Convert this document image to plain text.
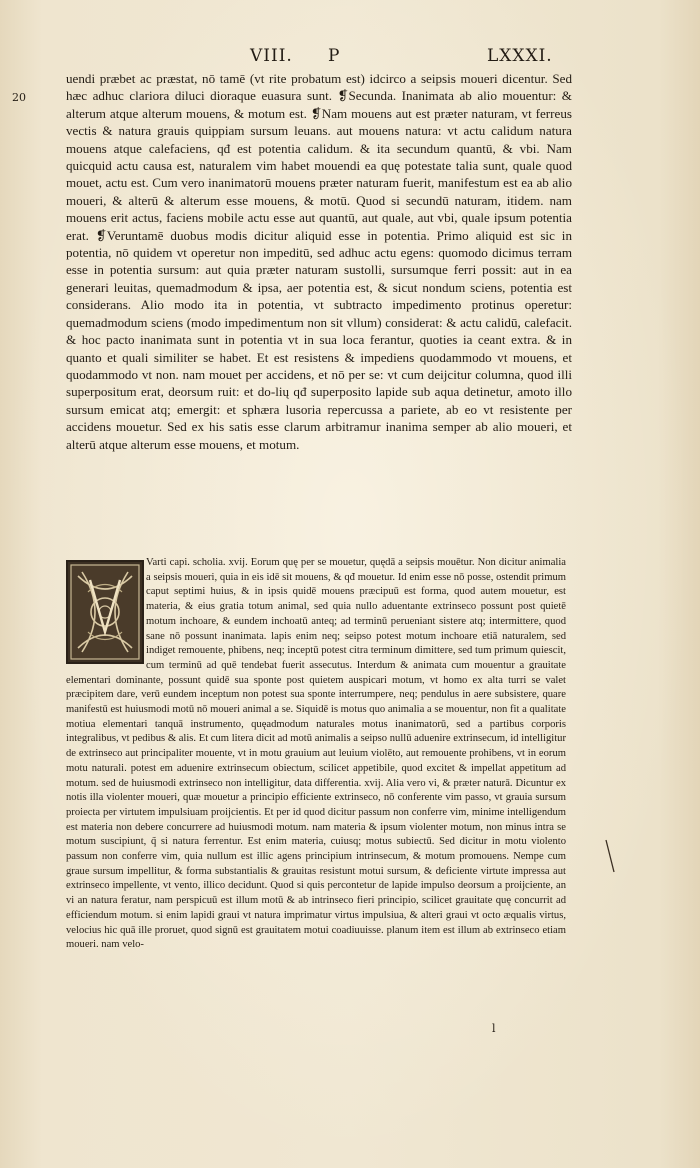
VIII. P	LXXXI.
20

uendi præbet ac præstat, nō tamē (vt rite probatum est) idcirco a seipsis moueri dicentur. Sed hæc adhuc clariora diluci dioraque euasura sunt. ❡Secunda. Inanimata ab alio mouentur: & alterum atque alterum mouens, & motum est. ❡Nam mouens aut est præter naturam, vt ferreus vectis & natura grauis quippiam sursum leuans. aut mouens natura: vt actu calidum natura mouens atque calefaciens, qđ est potentia calidum. & ita secundum quantū, & vbi. Nam quicquid actu causa est, naturalem vim habet mouendi ea quę potestate talia sunt, quale quod mouet, actu est. Cum vero inanimatorū mouens præter naturam fuerit, manifestum est ea ab alio moueri, & alterū & alterum esse mouens, & motū. Quod si secundū naturam, itidem. nam mouens erit actus, faciens mobile actu esse aut quantū, aut quale, aut vbi, quale ipsum potentia erat. ❡Veruntamē duobus modis dicitur aliquid esse in potentia. Primo aliquid est sic in potentia, nō quidem vt operetur non impeditū, sed adhuc actu egens: quomodo dicimus terram esse in potentia sursum: aut quia præter naturam sustolli, sursumque ferri possit: aut in ea generari leuitas, quemadmodum & ipsa, aer potentia est, & sicut nondum sciens, potentia est considerans. Alio modo ita in potentia, vt subtracto impedimento protinus operetur: quemadmodum sciens (modo impedimentum non sit vllum) considerat: & actu calidū, calefacit. & hoc pacto inanimata sunt in potentia vt in sua loca ferantur, quoties ia ceant extra. & in quanto et quali similiter se habet. Et est resistens & impediens quodammodo vt mouens, et quodammodo vt non. nam mouet per accidens, et nō per se: vt cum deijcitur columna, quod illi superpositum erat, deorsum ruit: et do-lių qđ superposito lapide sub aqua detinetur, amoto illo sursum emicat atq; emergit: et sphæra lusoria repercussa a pariete, ab eo vt resistente per accidens mouetur. Sed ex his satis esse clarum arbitramur inanima semper ab alio moueri, et alterū atque alterum esse mouens, et motum.

Varti capi. scholia. xvij. Eorum quę per se mouetur, quędā a seipsis mouētur. Non dicitur animalia a seipsis moueri, quia in eis idē sit mouens, & qđ mouetur. Id enim esse nō posse, ostendit primum caput septimi huius, & in ipsis quidē mouens præcipuū est forma, quod autem mouetur, est materia, & eius gratia totum animal, sed quia nullo aduentante extrinseco possunt post quietē motum inchoare, & eundem inchoatū anteq; ad terminū perueniant sistere atq; intermittere, quod sane nō possunt inanimata. lapis enim neq; seipso potest motum inchoare etiā naturalem, sed indiget remouente, phibens, neq; inceptū potest citra terminum dimittere, sed tum primum quiescit, cum terminū ad quē tendebat fuerit assecutus. Interdum & animata cum mouentur a grauitate elementari dominante, possunt quidē sua sponte post quietem auspicari motum, vt homo ex alta turri se valet præcipitem dare, verū eundem inceptum non potest sua sponte interrumpere, neq; pendulus in aere subsistere, quare manifestū est huiusmodi motū nō moueri animal a se. Siquidē is motus quo animalia a se mouentur, non fit a qualitate motiua elementari tanquā instrumento, quęadmodum naturales motus inanimatorū, sed a partibus corporis integralibus, vt pedibus & alis. Et cum litera dicit ad motū animalis a seipso nullū aduenire extrinsecum, id intelligitur de extrinseco aut principaliter mouente, vt in motu grauium aut leuium violēto, aut remouente prohibens, vt in eorum motu naturali. potest em aduenire extrinsecum obiectum, scilicet appetibile, quod excitet & impellat appetitum ad motum. sed de huiusmodi extrinseco non intelligitur, data differentia. xvij. Alia vero vi, & præter naturā. Dicuntur ex notis illa violenter moueri, quæ mouetur a principio efficiente extrinseco, nō conferente vim passo, vt grauia sursum proiecta per virtutem impulsiuam proijcientis. Et per id quod dicitur passum non conferre vim, minime intelligendum est materia non debere concurrere ad huiusmodi motum. nam materia & ipsum violenter motum, non minus intra se motum suscipiunt, q̃ si natura ferrentur. Est enim materia, cuiusq; motus subiectū. Sed dicitur in motu violento passum non conferre vim, quia nullum est illic agens principium intrinsecum, & motum promouens. Nempe cum graue sursum impellitur, & forma substantialis & grauitas resistunt motui sursum, & deficiente virtute impressa aut extrinseco impellente, vt vento, illico decidunt. Quod si quis percontetur de lapide impulso deorsum a proijciente, an vi an natura feratur, nam perspicuū est illum motū & ab intrinseco fieri principio, scilicet grauitate quę concurrit ad efficiendum motum. si enim lapidi graui vt natura imprimatur virtus impulsiua, & alteri graui vt octo æqualis virtus, velocius hic quā ille proruet, quod signū est grauitatem motui coadiuuisse. planum item est illum ab extrinseco etiam moueri. nam velo-

l
